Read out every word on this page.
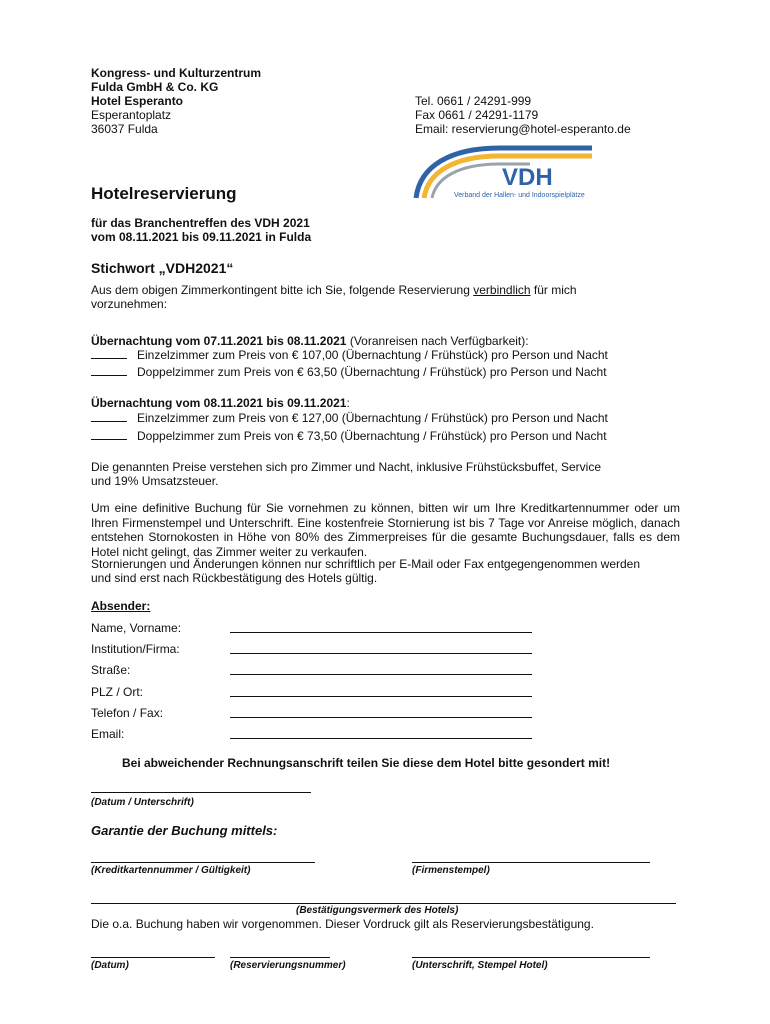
Kongress- und Kulturzentrum
Fulda GmbH & Co. KG
Hotel Esperanto
Esperantoplatz
36037 Fulda
Tel. 0661 / 24291-999
Fax 0661 / 24291-1179
Email: reservierung@hotel-esperanto.de
VDH
Verband der Hallen- und Indoorspielplätze
Hotelreservierung
für das Branchentreffen des VDH 2021
vom 08.11.2021 bis 09.11.2021 in Fulda
Stichwort „VDH2021“
Aus dem obigen Zimmerkontingent bitte ich Sie, folgende Reservierung verbindlich für mich
vorzunehmen:
Übernachtung vom 07.11.2021 bis 08.11.2021 (Voranreisen nach Verfügbarkeit):
Einzelzimmer zum Preis von € 107,00 (Übernachtung / Frühstück) pro Person und Nacht
Doppelzimmer zum Preis von € 63,50 (Übernachtung / Frühstück) pro Person und Nacht
Übernachtung vom 08.11.2021 bis 09.11.2021:
Einzelzimmer zum Preis von € 127,00 (Übernachtung / Frühstück) pro Person und Nacht
Doppelzimmer zum Preis von € 73,50 (Übernachtung / Frühstück) pro Person und Nacht
Die genannten Preise verstehen sich pro Zimmer und Nacht, inklusive Frühstücksbuffet, Service
und 19% Umsatzsteuer.
Um eine definitive Buchung für Sie vornehmen zu können, bitten wir um Ihre Kreditkartennummer oder um Ihren Firmenstempel und Unterschrift. Eine kostenfreie Stornierung ist bis 7 Tage vor Anreise möglich, danach entstehen Stornokosten in Höhe von 80% des Zimmerpreises für die gesamte Buchungsdauer, falls es dem Hotel nicht gelingt, das Zimmer weiter zu verkaufen.
Stornierungen und Änderungen können nur schriftlich per E-Mail oder Fax entgegengenommen werden
und sind erst nach Rückbestätigung des Hotels gültig.
Absender:
Name, Vorname:
Institution/Firma:
Straße:
PLZ / Ort:
Telefon / Fax:
Email:
Bei abweichender Rechnungsanschrift teilen Sie diese dem Hotel bitte gesondert mit!
(Datum / Unterschrift)
Garantie der Buchung mittels:
(Kreditkartennummer / Gültigkeit)	(Firmenstempel)
(Bestätigungsvermerk des Hotels)
Die o.a. Buchung haben wir vorgenommen. Dieser Vordruck gilt als Reservierungsbestätigung.
(Datum)	(Reservierungsnummer)	(Unterschrift, Stempel Hotel)
